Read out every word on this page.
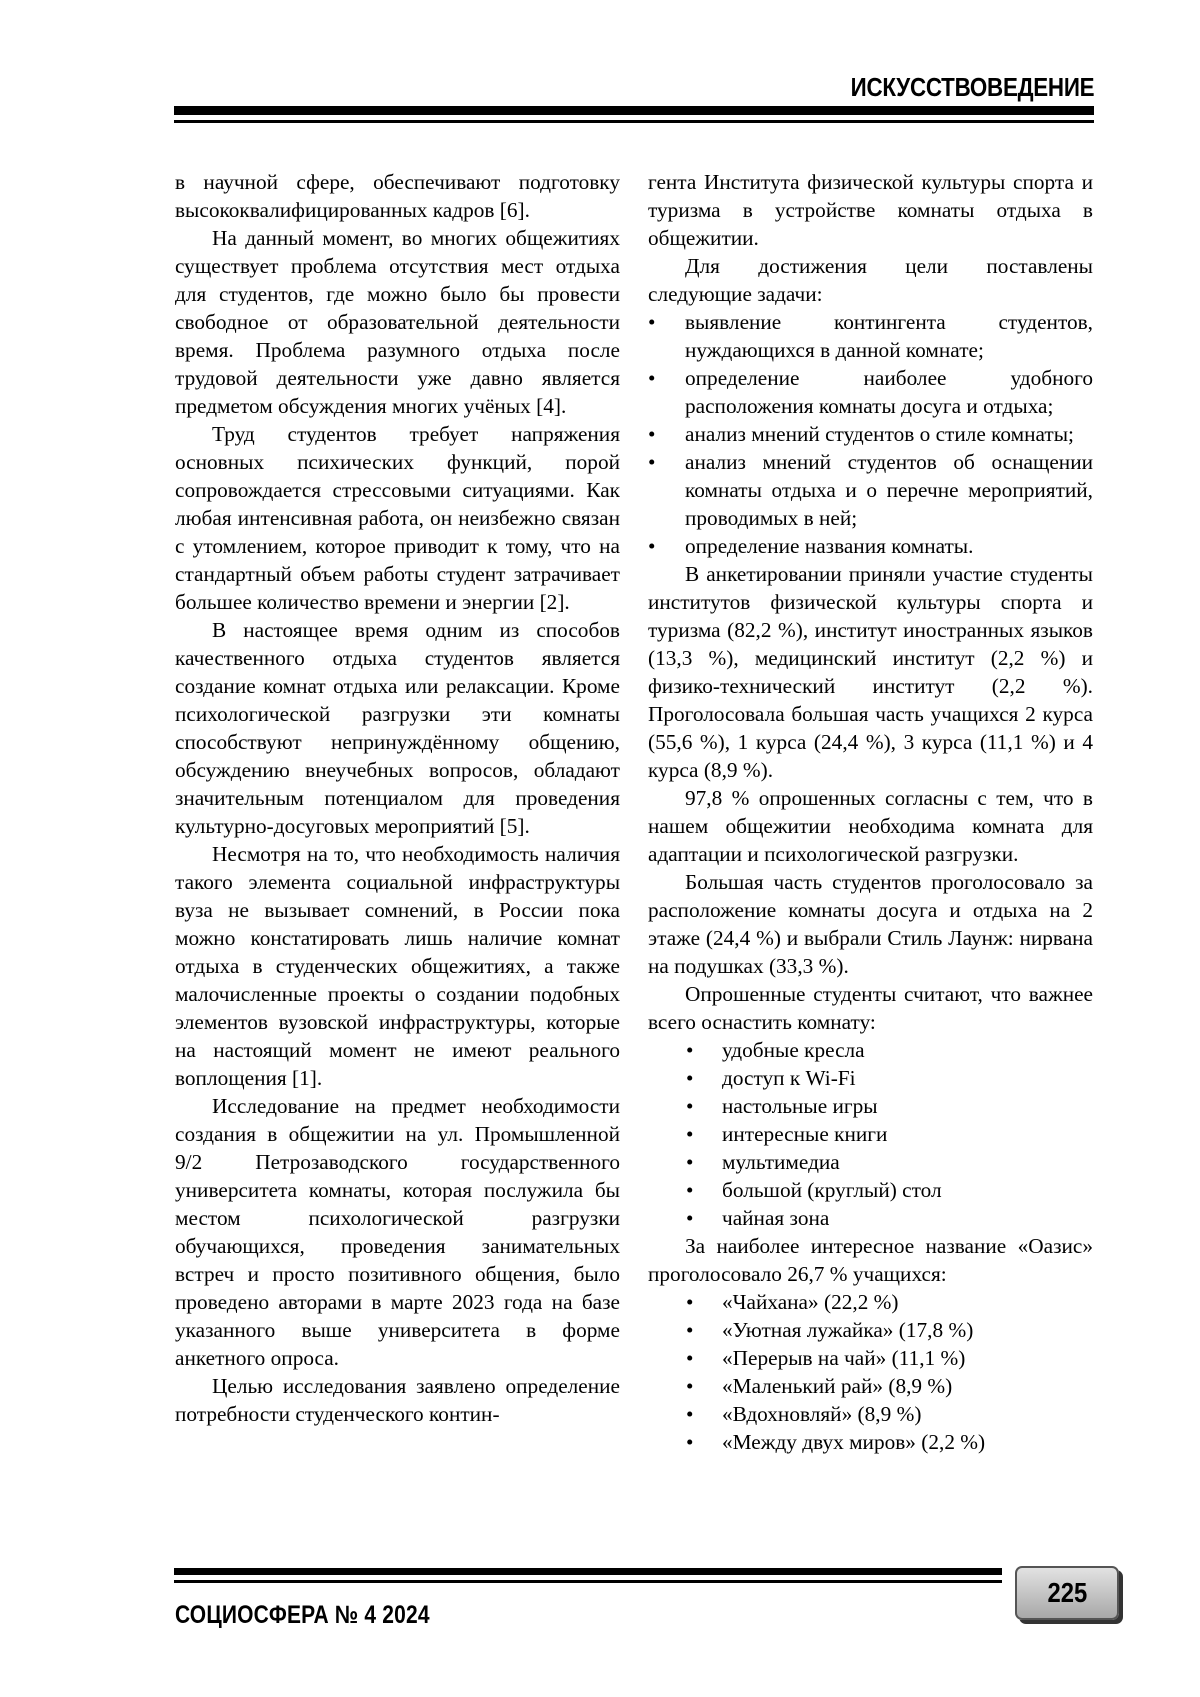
ИСКУССТВОВЕДЕНИЕ

в научной сфере, обеспечивают подготовку высококвалифицированных кадров [6].

На данный момент, во многих общежитиях существует проблема отсутствия мест отдыха для студентов, где можно было бы провести свободное от образовательной деятельности время. Проблема разумного отдыха после трудовой деятельности уже давно является предметом обсуждения многих учёных [4].

Труд студентов требует напряжения основных психических функций, порой сопровождается стрессовыми ситуациями. Как любая интенсивная работа, он неизбежно связан с утомлением, которое приводит к тому, что на стандартный объем работы студент затрачивает большее количество времени и энергии [2].

В настоящее время одним из способов качественного отдыха студентов является создание комнат отдыха или релаксации. Кроме психологической разгрузки эти комнаты способствуют непринуждённому общению, обсуждению внеучебных вопросов, обладают значительным потенциалом для проведения культурно-досуговых мероприятий [5].

Несмотря на то, что необходимость наличия такого элемента социальной инфраструктуры вуза не вызывает сомнений, в России пока можно констатировать лишь наличие комнат отдыха в студенческих общежитиях, а также малочисленные проекты о создании подобных элементов вузовской инфраструктуры, которые на настоящий момент не имеют реального воплощения [1].

Исследование на предмет необходимости создания в общежитии на ул. Промышленной 9/2 Петрозаводского государственного университета комнаты, которая послужила бы местом психологической разгрузки обучающихся, проведения занимательных встреч и просто позитивного общения, было проведено авторами в марте 2023 года на базе указанного выше университета в форме анкетного опроса.

Целью исследования заявлено определение потребности студенческого контин-

гента Института физической культуры спорта и туризма в устройстве комнаты отдыха в общежитии.

Для достижения цели поставлены следующие задачи:

• выявление контингента студентов, нуждающихся в данной комнате;
• определение наиболее удобного расположения комнаты досуга и отдыха;
• анализ мнений студентов о стиле комнаты;
• анализ мнений студентов об оснащении комнаты отдыха и о перечне мероприятий, проводимых в ней;
• определение названия комнаты.

В анкетировании приняли участие студенты институтов физической культуры спорта и туризма (82,2 %), институт иностранных языков (13,3 %), медицинский институт (2,2 %) и физико-технический институт (2,2 %). Проголосовала большая часть учащихся 2 курса (55,6 %), 1 курса (24,4 %), 3 курса (11,1 %) и 4 курса (8,9 %).

97,8 % опрошенных согласны с тем, что в нашем общежитии необходима комната для адаптации и психологической разгрузки.

Большая часть студентов проголосовало за расположение комнаты досуга и отдыха на 2 этаже (24,4 %) и выбрали Стиль Лаунж: нирвана на подушках (33,3 %).

Опрошенные студенты считают, что важнее всего оснастить комнату:

• удобные кресла
• доступ к Wi-Fi
• настольные игры
• интересные книги
• мультимедиа
• большой (круглый) стол
• чайная зона

За наиболее интересное название «Оазис» проголосовало 26,7 % учащихся:

• «Чайхана» (22,2 %)
• «Уютная лужайка» (17,8 %)
• «Перерыв на чай» (11,1 %)
• «Маленький рай» (8,9 %)
• «Вдохновляй» (8,9 %)
• «Между двух миров» (2,2 %)
СОЦИОСФЕРА № 4 2024
225
